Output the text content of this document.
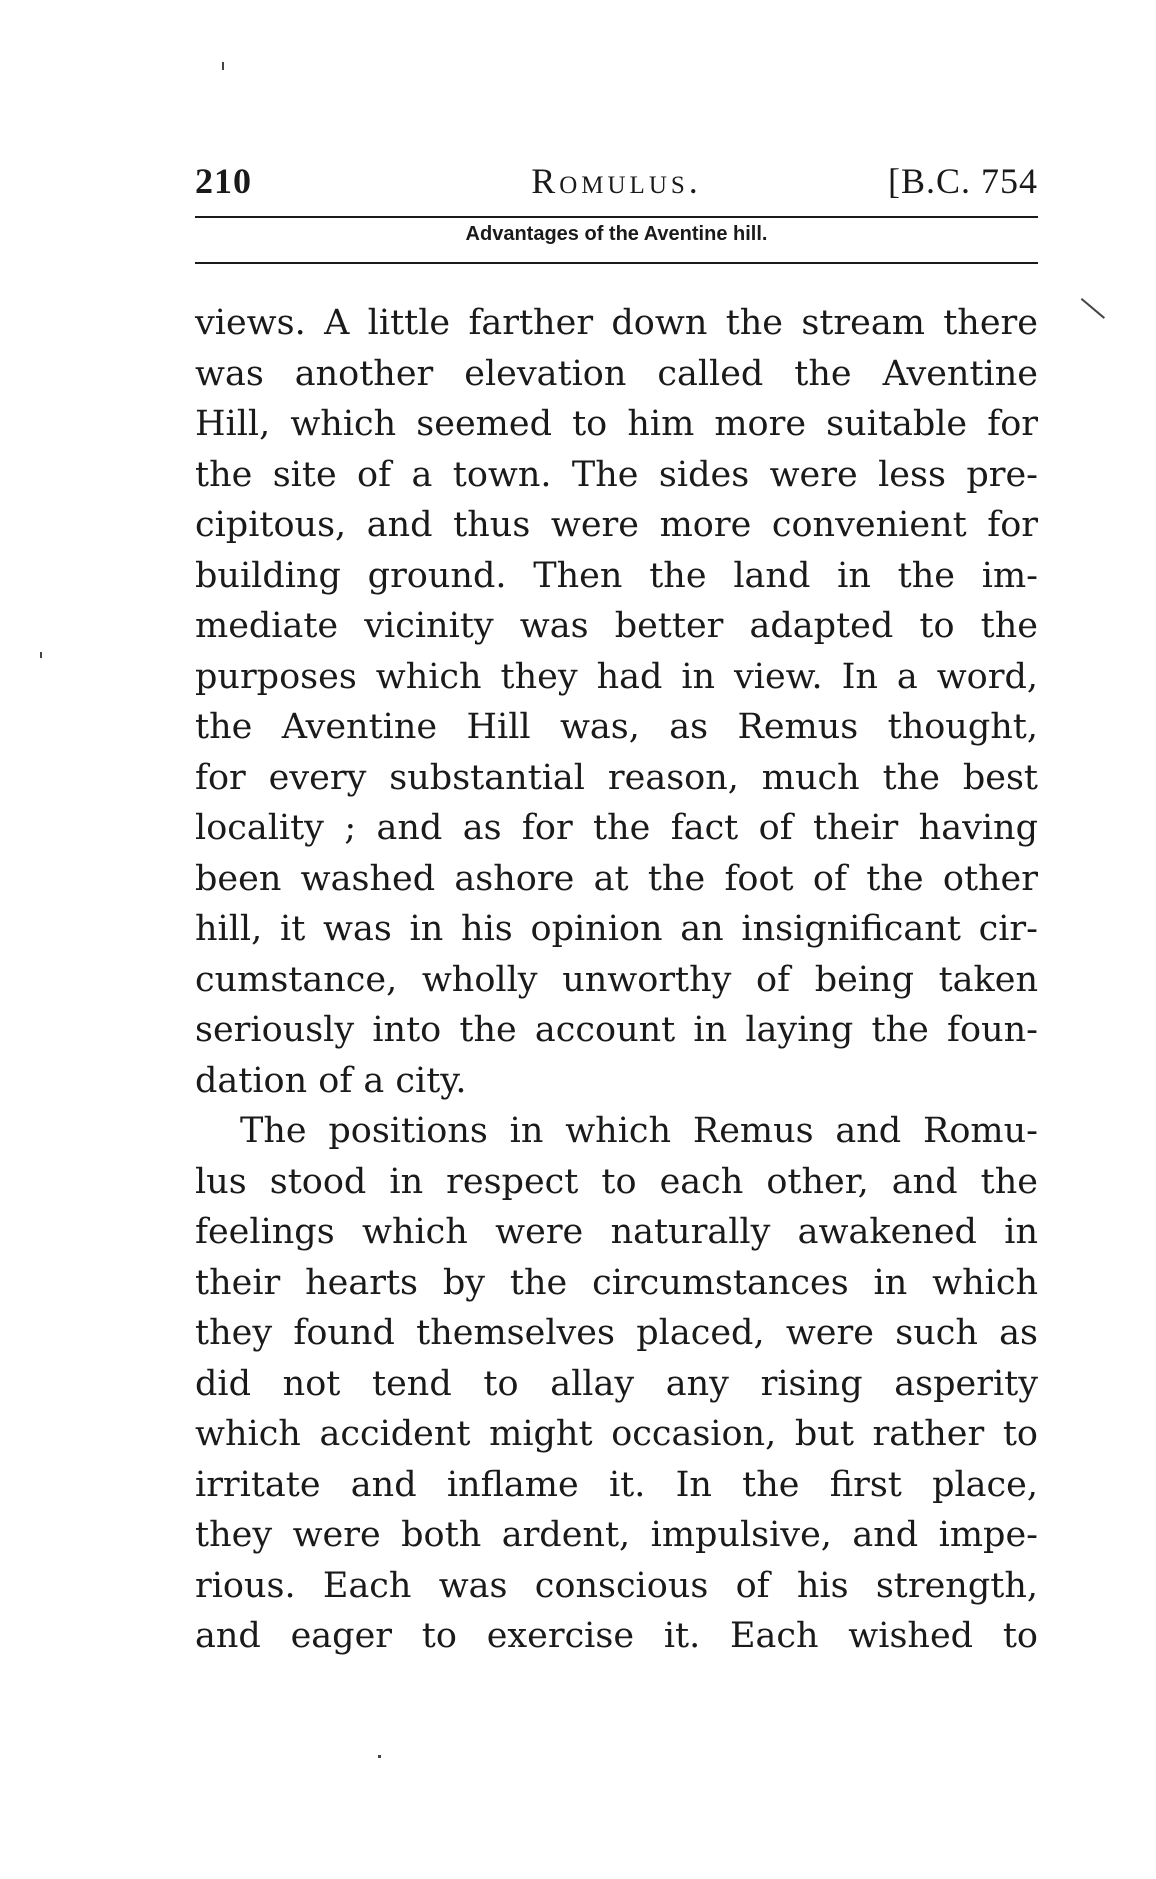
210	Romulus.	[B.C. 754
Advantages of the Aventine hill.
views. A little farther down the stream there
was another elevation called the Aventine
Hill, which seemed to him more suitable for
the site of a town. The sides were less pre-
cipitous, and thus were more convenient for
building ground. Then the land in the im-
mediate vicinity was better adapted to the
purposes which they had in view. In a word,
the Aventine Hill was, as Remus thought,
for every substantial reason, much the best
locality ; and as for the fact of their having
been washed ashore at the foot of the other
hill, it was in his opinion an insignificant cir-
cumstance, wholly unworthy of being taken
seriously into the account in laying the foun-
dation of a city.
The positions in which Remus and Romu-
lus stood in respect to each other, and the
feelings which were naturally awakened in
their hearts by the circumstances in which
they found themselves placed, were such as
did not tend to allay any rising asperity
which accident might occasion, but rather to
irritate and inflame it. In the first place,
they were both ardent, impulsive, and impe-
rious. Each was conscious of his strength,
and eager to exercise it. Each wished to
